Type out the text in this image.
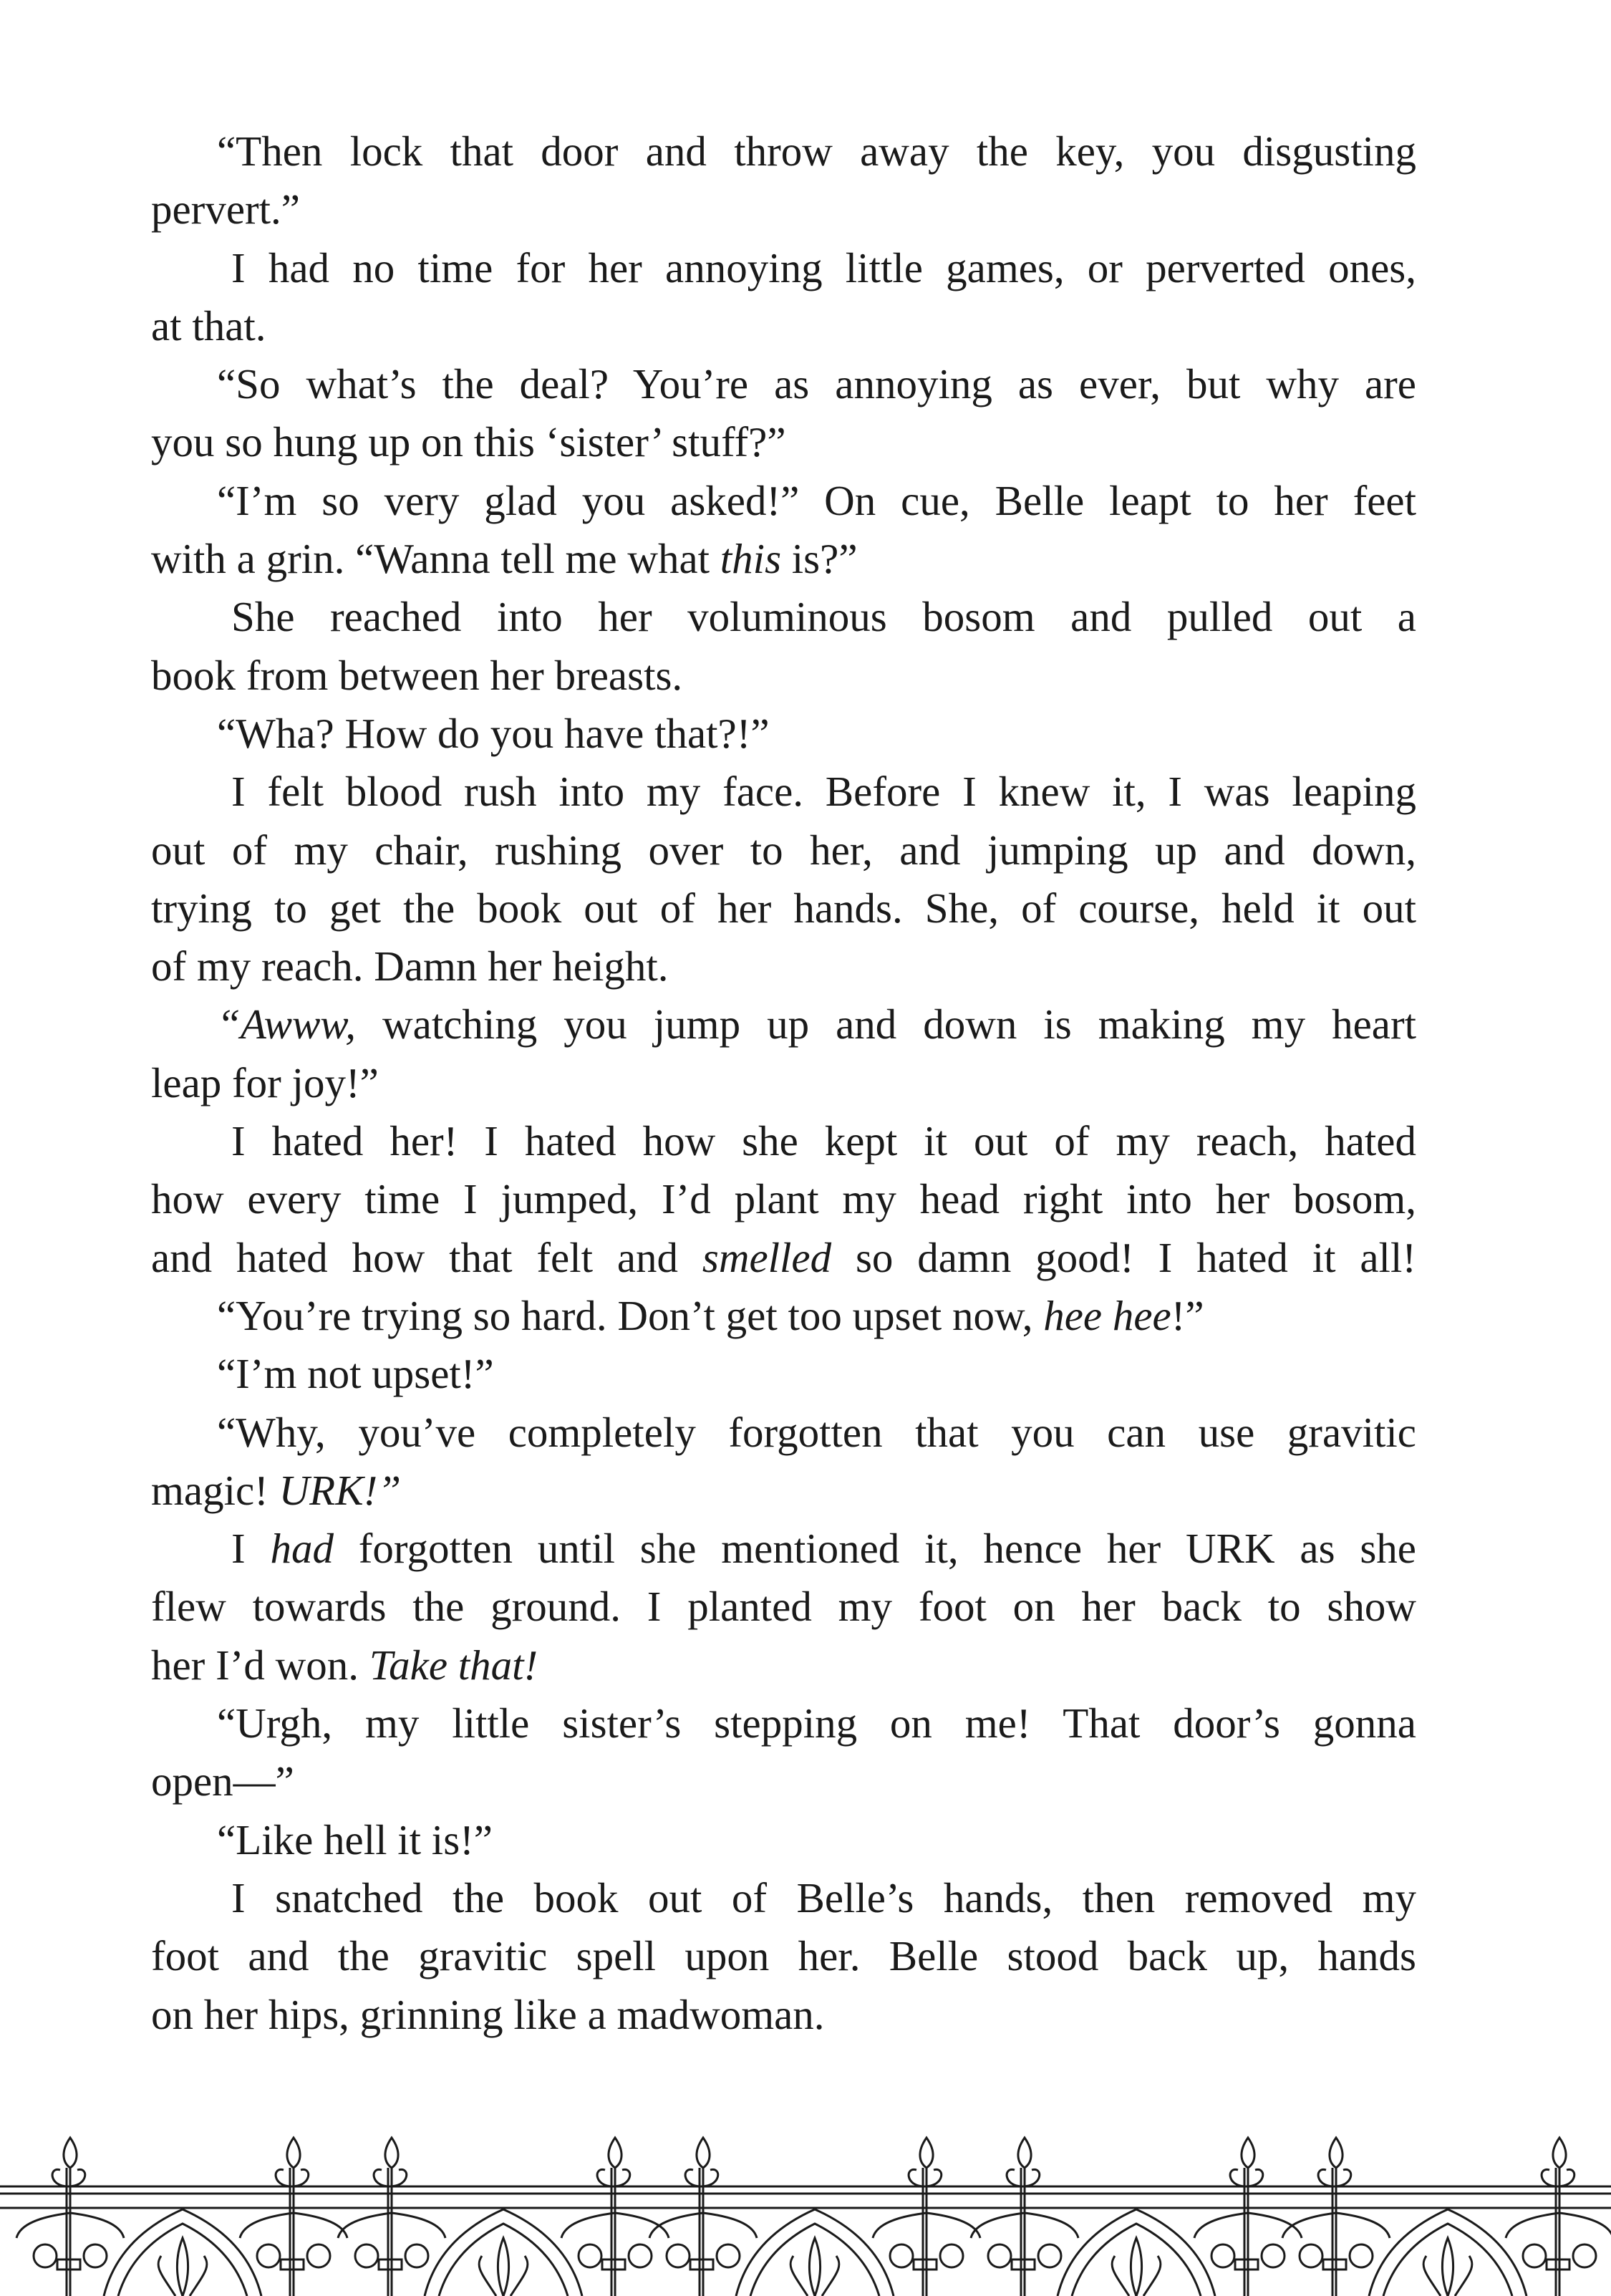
“Then lock that door and throw away the key, you disgusting
pervert.”
I had no time for her annoying little games, or perverted ones,
at that.
“So what’s the deal? You’re as annoying as ever, but why are
you so hung up on this ‘sister’ stuff?”
“I’m so very glad you asked!” On cue, Belle leapt to her feet
with a grin. “Wanna tell me what this is?”
She reached into her voluminous bosom and pulled out a
book from between her breasts.
“Wha? How do you have that?!”
I felt blood rush into my face. Before I knew it, I was leaping
out of my chair, rushing over to her, and jumping up and down,
trying to get the book out of her hands. She, of course, held it out
of my reach. Damn her height.
“Awww, watching you jump up and down is making my heart
leap for joy!”
I hated her! I hated how she kept it out of my reach, hated
how every time I jumped, I’d plant my head right into her bosom,
and hated how that felt and smelled so damn good! I hated it all!
“You’re trying so hard. Don’t get too upset now, hee hee!”
“I’m not upset!”
“Why, you’ve completely forgotten that you can use gravitic
magic! URK!”
I had forgotten until she mentioned it, hence her URK as she
flew towards the ground. I planted my foot on her back to show
her I’d won. Take that!
“Urgh, my little sister’s stepping on me! That door’s gonna
open—”
“Like hell it is!”
I snatched the book out of Belle’s hands, then removed my
foot and the gravitic spell upon her. Belle stood back up, hands
on her hips, grinning like a madwoman.
